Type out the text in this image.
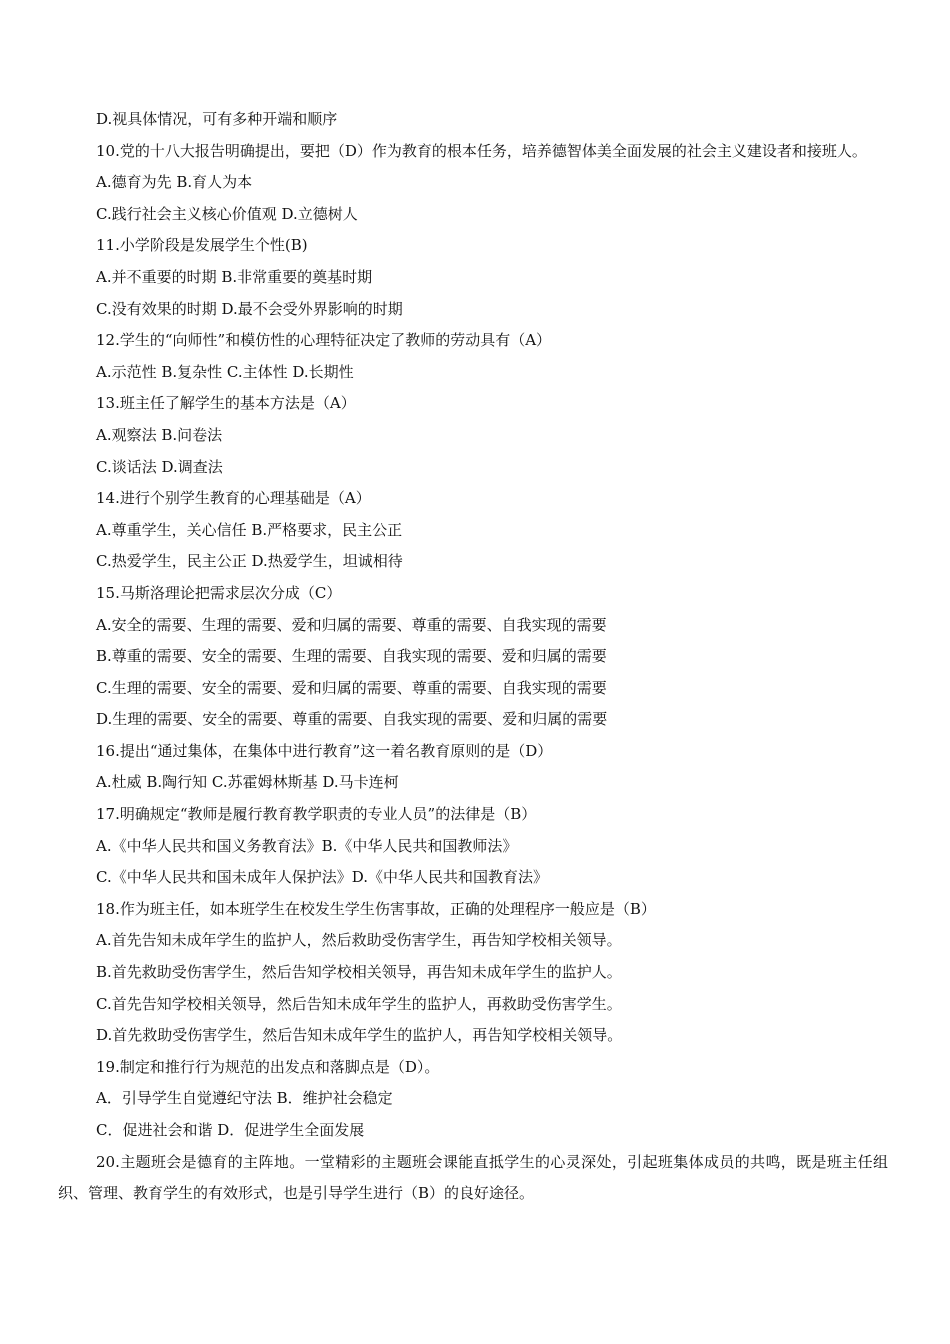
D.视具体情况，可有多种开端和顺序
10.党的十八大报告明确提出，要把（D）作为教育的根本任务，培养德智体美全面发展的社会主义建设者和接班人。
A.德育为先 B.育人为本
C.践行社会主义核心价值观 D.立德树人
11.小学阶段是发展学生个性(B)
A.并不重要的时期 B.非常重要的奠基时期
C.没有效果的时期 D.最不会受外界影响的时期
12.学生的“向师性”和模仿性的心理特征决定了教师的劳动具有（A）
A.示范性 B.复杂性 C.主体性 D.长期性
13.班主任了解学生的基本方法是（A）
A.观察法 B.问卷法
C.谈话法 D.调查法
14.进行个别学生教育的心理基础是（A）
A.尊重学生，关心信任 B.严格要求，民主公正
C.热爱学生，民主公正 D.热爱学生，坦诚相待
15.马斯洛理论把需求层次分成（C）
A.安全的需要、生理的需要、爱和归属的需要、尊重的需要、自我实现的需要
B.尊重的需要、安全的需要、生理的需要、自我实现的需要、爱和归属的需要
C.生理的需要、安全的需要、爱和归属的需要、尊重的需要、自我实现的需要
D.生理的需要、安全的需要、尊重的需要、自我实现的需要、爱和归属的需要
16.提出“通过集体，在集体中进行教育”这一着名教育原则的是（D）
A.杜威 B.陶行知 C.苏霍姆林斯基 D.马卡连柯
17.明确规定“教师是履行教育教学职责的专业人员”的法律是（B）
A.《中华人民共和国义务教育法》B.《中华人民共和国教师法》
C.《中华人民共和国未成年人保护法》D.《中华人民共和国教育法》
18.作为班主任，如本班学生在校发生学生伤害事故，正确的处理程序一般应是（B）
A.首先告知未成年学生的监护人，然后救助受伤害学生，再告知学校相关领导。
B.首先救助受伤害学生，然后告知学校相关领导，再告知未成年学生的监护人。
C.首先告知学校相关领导，然后告知未成年学生的监护人，再救助受伤害学生。
D.首先救助受伤害学生，然后告知未成年学生的监护人，再告知学校相关领导。
19.制定和推行行为规范的出发点和落脚点是（D）。
A．引导学生自觉遵纪守法 B．维护社会稳定
C．促进社会和谐 D．促进学生全面发展
20.主题班会是德育的主阵地。一堂精彩的主题班会课能直抵学生的心灵深处，引起班集体成员的共鸣，既是班主任组织、管理、教育学生的有效形式，也是引导学生进行（B）的良好途径。
